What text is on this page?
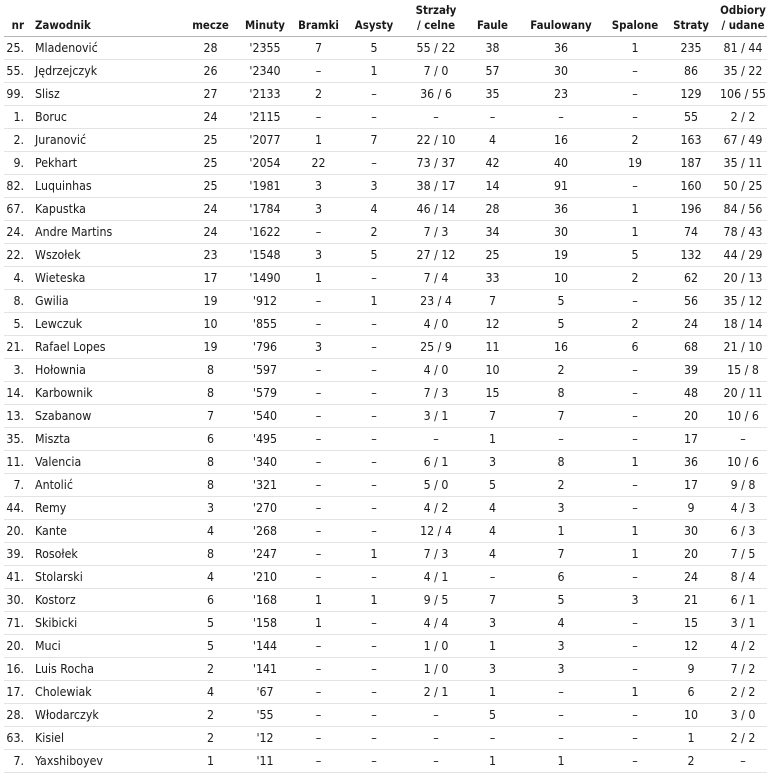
nr	Zawodnik	mecze	Minuty	Bramki	Asysty	Strzały
/ celne	Faule	Faulowany	Spalone	Straty	Odbiory
/ udane
25.	Mladenović	28	'2355	7	5	55 / 22	38	36	1	235	81 / 44
55.	Jędrzejczyk	26	'2340	–	1	7 / 0	57	30	–	86	35 / 22
99.	Slisz	27	'2133	2	–	36 / 6	35	23	–	129	106 / 55
1.	Boruc	24	'2115	–	–	–	–	–	–	55	2 / 2
2.	Juranović	25	'2077	1	7	22 / 10	4	16	2	163	67 / 49
9.	Pekhart	25	'2054	22	–	73 / 37	42	40	19	187	35 / 11
82.	Luquinhas	25	'1981	3	3	38 / 17	14	91	–	160	50 / 25
67.	Kapustka	24	'1784	3	4	46 / 14	28	36	1	196	84 / 56
24.	Andre Martins	24	'1622	–	2	7 / 3	34	30	1	74	78 / 43
22.	Wszołek	23	'1548	3	5	27 / 12	25	19	5	132	44 / 29
4.	Wieteska	17	'1490	1	–	7 / 4	33	10	2	62	20 / 13
8.	Gwilia	19	'912	–	1	23 / 4	7	5	–	56	35 / 12
5.	Lewczuk	10	'855	–	–	4 / 0	12	5	2	24	18 / 14
21.	Rafael Lopes	19	'796	3	–	25 / 9	11	16	6	68	21 / 10
3.	Hołownia	8	'597	–	–	4 / 0	10	2	–	39	15 / 8
14.	Karbownik	8	'579	–	–	7 / 3	15	8	–	48	20 / 11
13.	Szabanow	7	'540	–	–	3 / 1	7	7	–	20	10 / 6
35.	Miszta	6	'495	–	–	–	1	–	–	17	–
11.	Valencia	8	'340	–	–	6 / 1	3	8	1	36	10 / 6
7.	Antolić	8	'321	–	–	5 / 0	5	2	–	17	9 / 8
44.	Remy	3	'270	–	–	4 / 2	4	3	–	9	4 / 3
20.	Kante	4	'268	–	–	12 / 4	4	1	1	30	6 / 3
39.	Rosołek	8	'247	–	1	7 / 3	4	7	1	20	7 / 5
41.	Stolarski	4	'210	–	–	4 / 1	–	6	–	24	8 / 4
30.	Kostorz	6	'168	1	1	9 / 5	7	5	3	21	6 / 1
71.	Skibicki	5	'158	1	–	4 / 4	3	4	–	15	3 / 1
20.	Muci	5	'144	–	–	1 / 0	1	3	–	12	4 / 2
16.	Luis Rocha	2	'141	–	–	1 / 0	3	3	–	9	7 / 2
17.	Cholewiak	4	'67	–	–	2 / 1	1	–	1	6	2 / 2
28.	Włodarczyk	2	'55	–	–	–	5	–	–	10	3 / 0
63.	Kisiel	2	'12	–	–	–	–	–	–	1	2 / 2
7.	Yaxshiboyev	1	'11	–	–	–	1	1	–	2	–
